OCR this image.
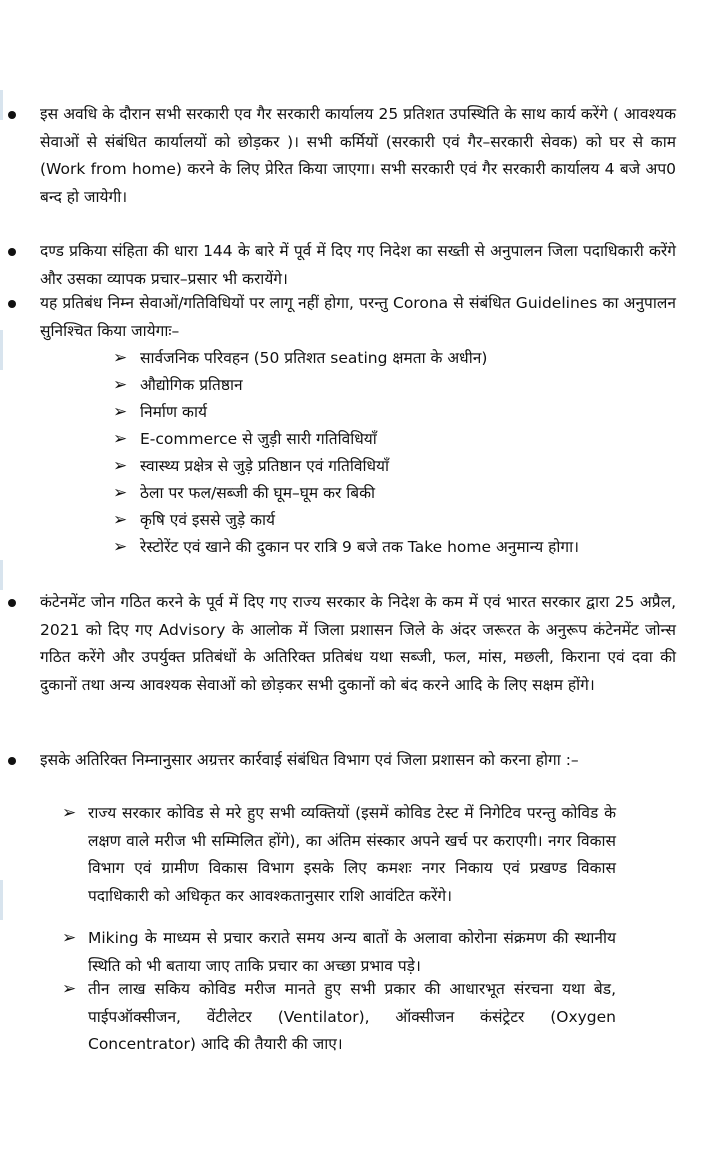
इस अवधि के दौरान सभी सरकारी एव गैर सरकारी कार्यालय 25 प्रतिशत उपस्थिति के साथ कार्य करेंगे ( आवश्यक सेवाओं से संबंधित कार्यालयों को छोड़कर )। सभी कर्मियों (सरकारी एवं गैर–सरकारी सेवक) को घर से काम (Work from home) करने के लिए प्रेरित किया जाएगा। सभी सरकारी एवं गैर सरकारी कार्यालय 4 बजे अप0 बन्द हो जायेगी।
दण्ड प्रकिया संहिता की धारा 144 के बारे में पूर्व में दिए गए निदेश का सख्ती से अनुपालन जिला पदाधिकारी करेंगे और उसका व्यापक प्रचार–प्रसार भी करायेंगे।
यह प्रतिबंध निम्न सेवाओं/गतिविधियों पर लागू नहीं होगा, परन्तु Corona से संबंधित Guidelines का अनुपालन सुनिश्चित किया जायेगाः–
➢ सार्वजनिक परिवहन (50 प्रतिशत seating क्षमता के अधीन)
➢ औद्योगिक प्रतिष्ठान
➢ निर्माण कार्य
➢ E-commerce से जुड़ी सारी गतिविधियाँ
➢ स्वास्थ्य प्रक्षेत्र से जुड़े प्रतिष्ठान एवं गतिविधियाँ
➢ ठेला पर फल/सब्जी की घूम–घूम कर बिकी
➢ कृषि एवं इससे जुड़े कार्य
➢ रेस्टोरेंट एवं खाने की दुकान पर रात्रि 9 बजे तक Take home अनुमान्य होगा।
कंटेनमेंट जोन गठित करने के पूर्व में दिए गए राज्य सरकार के निदेश के कम में एवं भारत सरकार द्वारा 25 अप्रैल, 2021 को दिए गए Advisory के आलोक में जिला प्रशासन जिले के अंदर जरूरत के अनुरूप कंटेनमेंट जोन्स गठित करेंगे और उपर्युक्त प्रतिबंधों के अतिरिक्त प्रतिबंध यथा सब्जी, फल, मांस, मछली, किराना एवं दवा की दुकानों तथा अन्य आवश्यक सेवाओं को छोड़कर सभी दुकानों को बंद करने आदि के लिए सक्षम होंगे।
इसके अतिरिक्त निम्नानुसार अग्रत्तर कार्रवाई संबंधित विभाग एवं जिला प्रशासन को करना होगा :–
➢ राज्य सरकार कोविड से मरे हुए सभी व्यक्तियों (इसमें कोविड टेस्ट में निगेटिव परन्तु कोविड के लक्षण वाले मरीज भी सम्मिलित होंगे), का अंतिम संस्कार अपने खर्च पर कराएगी। नगर विकास विभाग एवं ग्रामीण विकास विभाग इसके लिए कमशः नगर निकाय एवं प्रखण्ड विकास पदाधिकारी को अधिकृत कर आवश्कतानुसार राशि आवंटित करेंगे।
➢ Miking के माध्यम से प्रचार कराते समय अन्य बातों के अलावा कोरोना संक्रमण की स्थानीय स्थिति को भी बताया जाए ताकि प्रचार का अच्छा प्रभाव पड़े।
➢ तीन लाख सकिय कोविड मरीज मानते हुए सभी प्रकार की आधारभूत संरचना यथा बेड, पाईपऑक्सीजन, वेंटीलेटर (Ventilator), ऑक्सीजन कंसंट्रेटर (Oxygen Concentrator) आदि की तैयारी की जाए।
